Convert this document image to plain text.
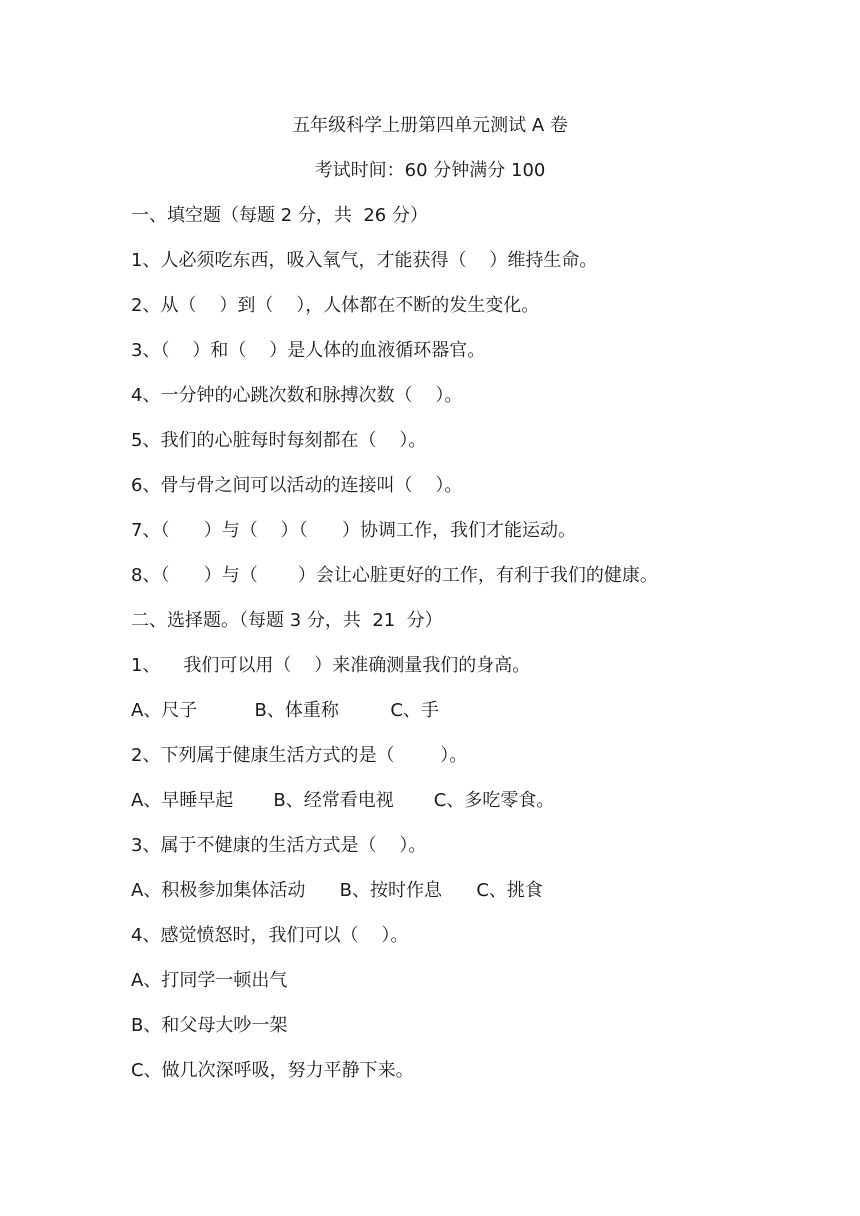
五年级科学上册第四单元测试 A 卷
考试时间：60 分钟满分 100
一、填空题（每题 2 分，共  26 分）
1、人必须吃东西，吸入氧气，才能获得（    ）维持生命。
2、从（    ）到（    ），人体都在不断的发生变化。
3、（    ）和（    ）是人体的血液循环器官。
4、一分钟的心跳次数和脉搏次数（    ）。
5、我们的心脏每时每刻都在（    ）。
6、骨与骨之间可以活动的连接叫（    ）。
7、（      ）与（    ）（      ）协调工作，我们才能运动。
8、（      ）与（       ）会让心脏更好的工作，有利于我们的健康。
二、选择题。（每题 3 分，共  21  分）
1、    我们可以用（    ）来准确测量我们的身高。
A、尺子          B、体重称         C、手
2、下列属于健康生活方式的是（        ）。
A、早睡早起       B、经常看电视       C、多吃零食。
3、属于不健康的生活方式是（    ）。
A、积极参加集体活动      B、按时作息      C、挑食
4、感觉愤怒时，我们可以（    ）。
A、打同学一顿出气
B、和父母大吵一架
C、做几次深呼吸，努力平静下来。
